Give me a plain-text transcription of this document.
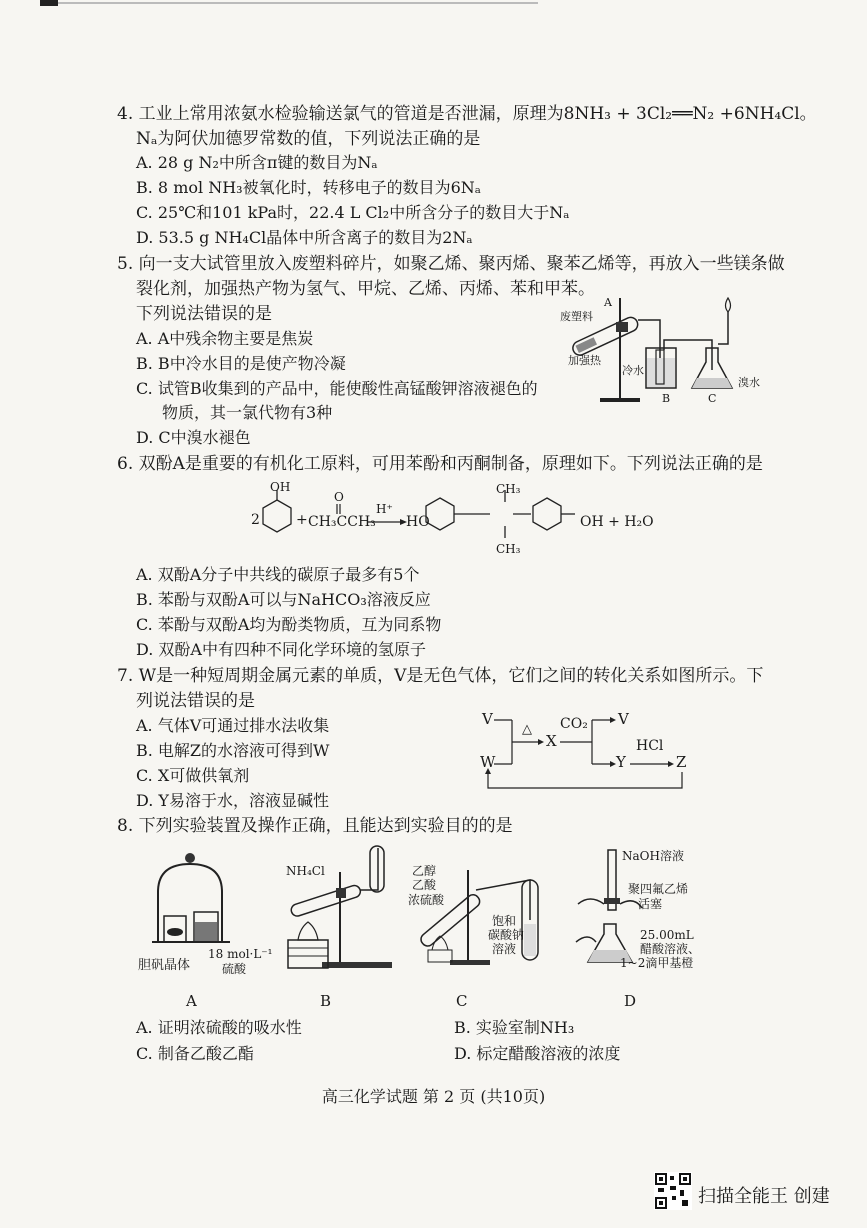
4. 工业上常用浓氨水检验输送氯气的管道是否泄漏，原理为8NH₃ + 3Cl₂══N₂ +6NH₄Cl。
Nₐ为阿伏加德罗常数的值，下列说法正确的是
A. 28 g N₂中所含π键的数目为Nₐ
B. 8 mol NH₃被氧化时，转移电子的数目为6Nₐ
C. 25℃和101 kPa时，22.4 L Cl₂中所含分子的数目大于Nₐ
D. 53.5 g NH₄Cl晶体中所含离子的数目为2Nₐ
5. 向一支大试管里放入废塑料碎片，如聚乙烯、聚丙烯、聚苯乙烯等，再放入一些镁条做
裂化剂，加强热产物为氢气、甲烷、乙烯、丙烯、苯和甲苯。
下列说法错误的是
A. A中残余物主要是焦炭
B. B中冷水目的是使产物冷凝
C. 试管B收集到的产品中，能使酸性高锰酸钾溶液褪色的
物质，其一氯代物有3种
D. C中溴水褪色
废塑料
A
加强热
冷水
B	C
溴水
6. 双酚A是重要的有机化工原料，可用苯酚和丙酮制备，原理如下。下列说法正确的是
2
OH
+
O
CH₃CCH₃
H⁺
HO
CH₃
CH₃
OH + H₂O
A. 双酚A分子中共线的碳原子最多有5个
B. 苯酚与双酚A可以与NaHCO₃溶液反应
C. 苯酚与双酚A均为酚类物质，互为同系物
D. 双酚A中有四种不同化学环境的氢原子
7. W是一种短周期金属元素的单质，V是无色气体，它们之间的转化关系如图所示。下
列说法错误的是
A. 气体V可通过排水法收集
B. 电解Z的水溶液可得到W
C. X可做供氧剂
D. Y易溶于水，溶液显碱性
V
W
△
X
CO₂ V
Y
HCl
Z
8. 下列实验装置及操作正确，且能达到实验目的的是
胆矾晶体
18 mol·L⁻¹
硫酸
A
NH₄Cl
B
乙醇
乙酸
浓硫酸
饱和
碳酸钠
溶液
C
NaOH溶液
聚四氟乙烯
活塞
25.00mL
醋酸溶液、
1~2滴甲基橙
D
A. 证明浓硫酸的吸水性	B. 实验室制NH₃
C. 制备乙酸乙酯	D. 标定醋酸溶液的浓度
高三化学试题 第 2 页 (共10页)
扫描全能王 创建
